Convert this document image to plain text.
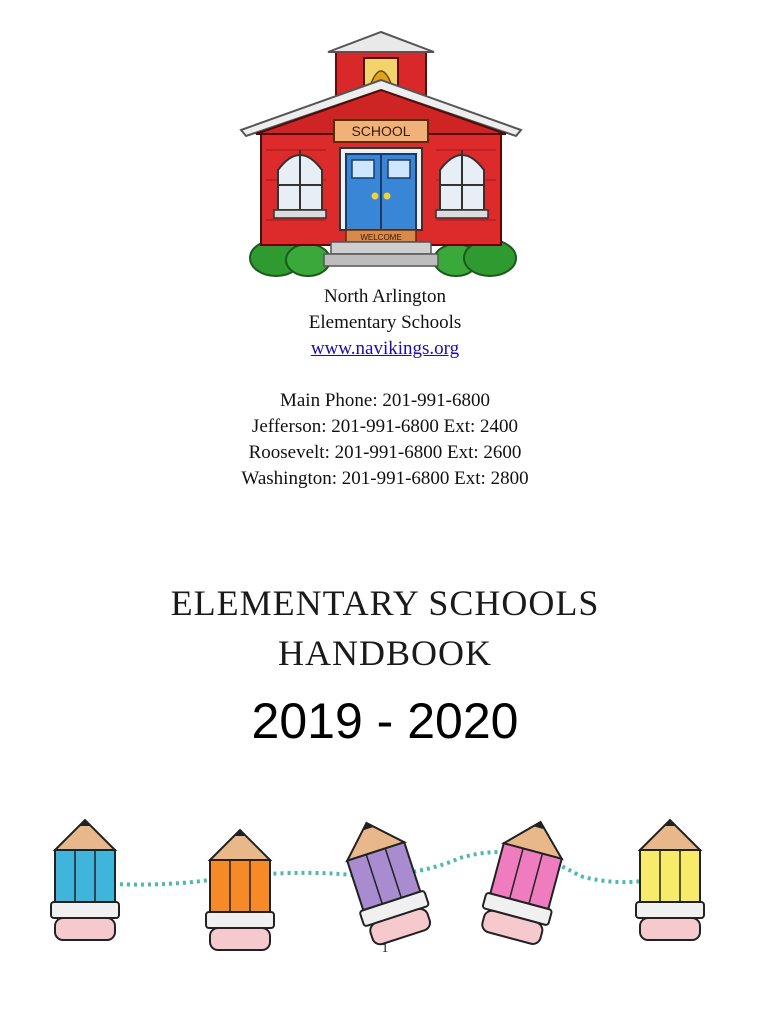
SCHOOL
WELCOME
North Arlington
Elementary Schools
www.navikings.org
Main Phone: 201-991-6800
Jefferson: 201-991-6800 Ext: 2400
Roosevelt: 201-991-6800 Ext: 2600
Washington: 201-991-6800 Ext: 2800
ELEMENTARY SCHOOLS
HANDBOOK
2019 - 2020
1
